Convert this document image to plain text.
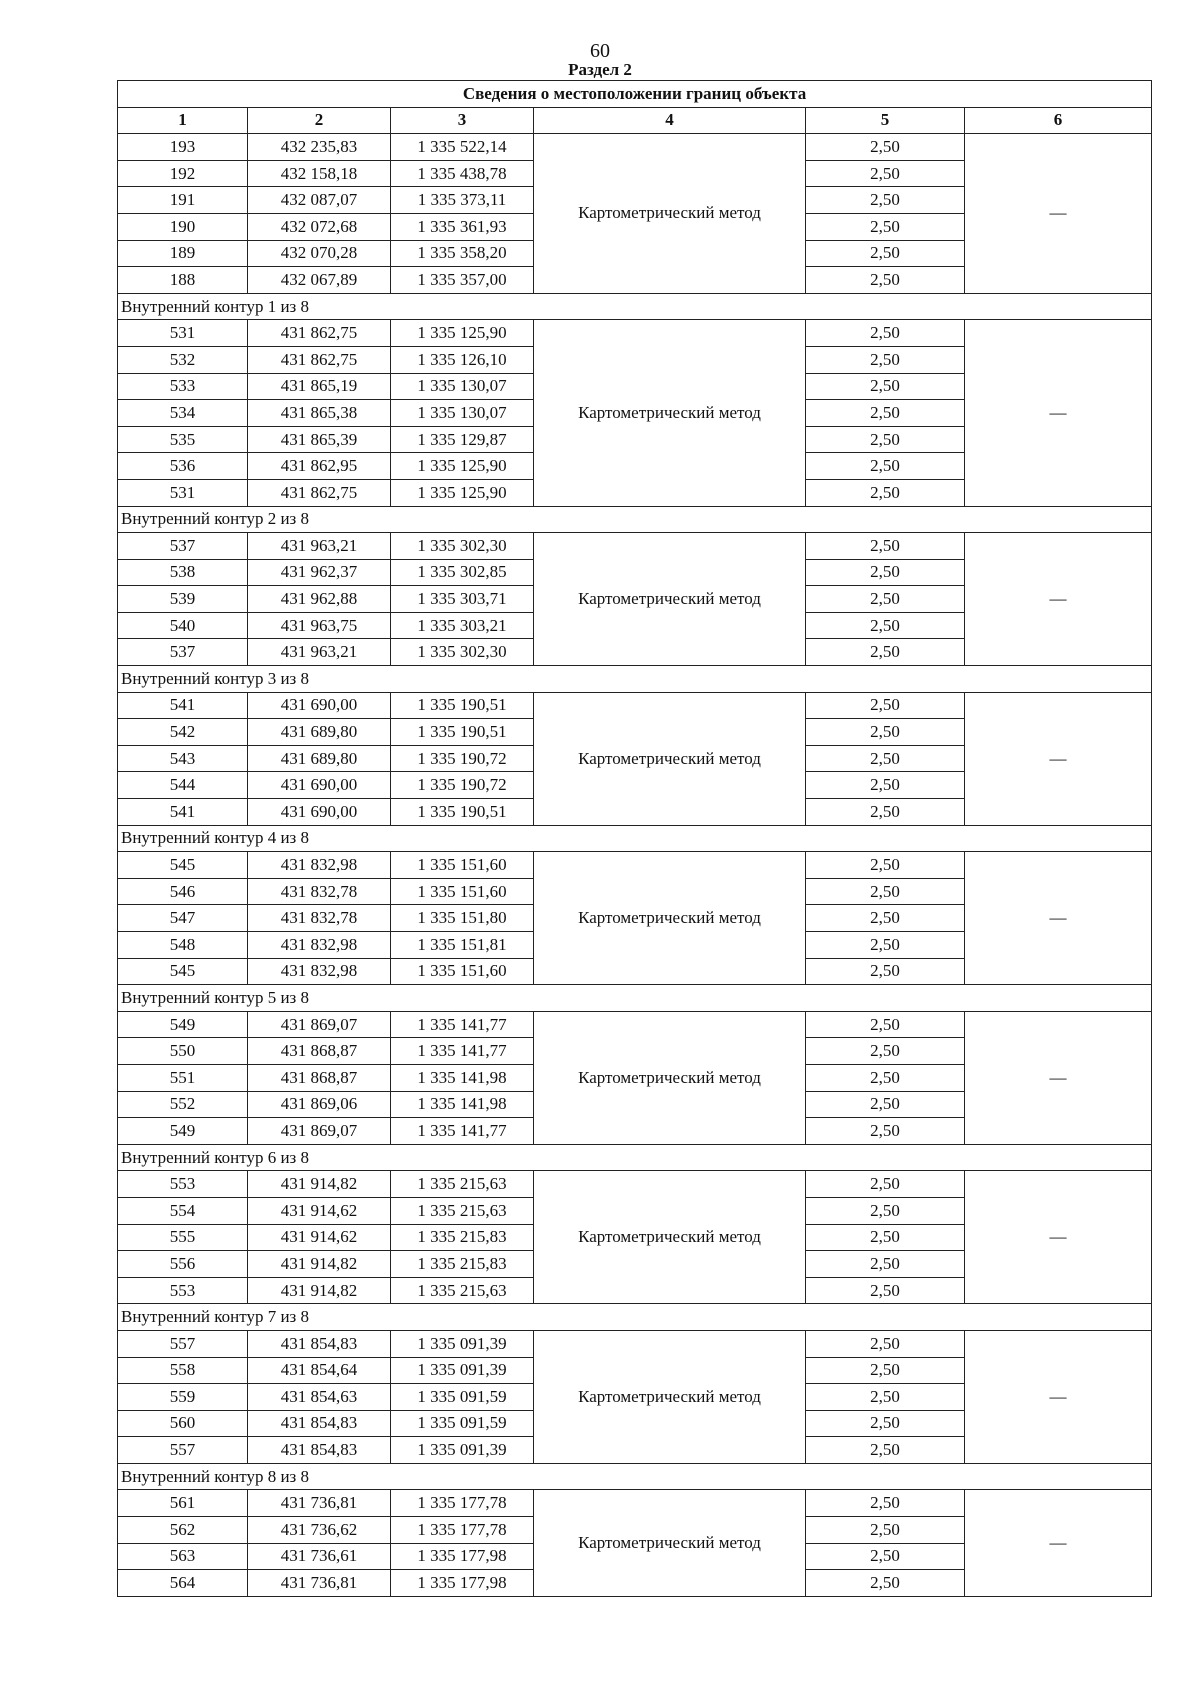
60
Раздел 2
Сведения о местоположении границ объекта					
1	2	3	4	5	6
193	432 235,83	1 335 522,14	Картометрический метод	2,50	—
192	432 158,18	1 335 438,78		2,50	
191	432 087,07	1 335 373,11		2,50	
190	432 072,68	1 335 361,93		2,50	
189	432 070,28	1 335 358,20		2,50	
188	432 067,89	1 335 357,00		2,50	
Внутренний контур 1 из 8					
531	431 862,75	1 335 125,90	Картометрический метод	2,50	—
532	431 862,75	1 335 126,10		2,50	
533	431 865,19	1 335 130,07		2,50	
534	431 865,38	1 335 130,07		2,50	
535	431 865,39	1 335 129,87		2,50	
536	431 862,95	1 335 125,90		2,50	
531	431 862,75	1 335 125,90		2,50	
Внутренний контур 2 из 8					
537	431 963,21	1 335 302,30	Картометрический метод	2,50	—
538	431 962,37	1 335 302,85		2,50	
539	431 962,88	1 335 303,71		2,50	
540	431 963,75	1 335 303,21		2,50	
537	431 963,21	1 335 302,30		2,50	
Внутренний контур 3 из 8					
541	431 690,00	1 335 190,51	Картометрический метод	2,50	—
542	431 689,80	1 335 190,51		2,50	
543	431 689,80	1 335 190,72		2,50	
544	431 690,00	1 335 190,72		2,50	
541	431 690,00	1 335 190,51		2,50	
Внутренний контур 4 из 8					
545	431 832,98	1 335 151,60	Картометрический метод	2,50	—
546	431 832,78	1 335 151,60		2,50	
547	431 832,78	1 335 151,80		2,50	
548	431 832,98	1 335 151,81		2,50	
545	431 832,98	1 335 151,60		2,50	
Внутренний контур 5 из 8					
549	431 869,07	1 335 141,77	Картометрический метод	2,50	—
550	431 868,87	1 335 141,77		2,50	
551	431 868,87	1 335 141,98		2,50	
552	431 869,06	1 335 141,98		2,50	
549	431 869,07	1 335 141,77		2,50	
Внутренний контур 6 из 8					
553	431 914,82	1 335 215,63	Картометрический метод	2,50	—
554	431 914,62	1 335 215,63		2,50	
555	431 914,62	1 335 215,83		2,50	
556	431 914,82	1 335 215,83		2,50	
553	431 914,82	1 335 215,63		2,50	
Внутренний контур 7 из 8					
557	431 854,83	1 335 091,39	Картометрический метод	2,50	—
558	431 854,64	1 335 091,39		2,50	
559	431 854,63	1 335 091,59		2,50	
560	431 854,83	1 335 091,59		2,50	
557	431 854,83	1 335 091,39		2,50	
Внутренний контур 8 из 8					
561	431 736,81	1 335 177,78	Картометрический метод	2,50	—
562	431 736,62	1 335 177,78		2,50	
563	431 736,61	1 335 177,98		2,50	
564	431 736,81	1 335 177,98		2,50	
